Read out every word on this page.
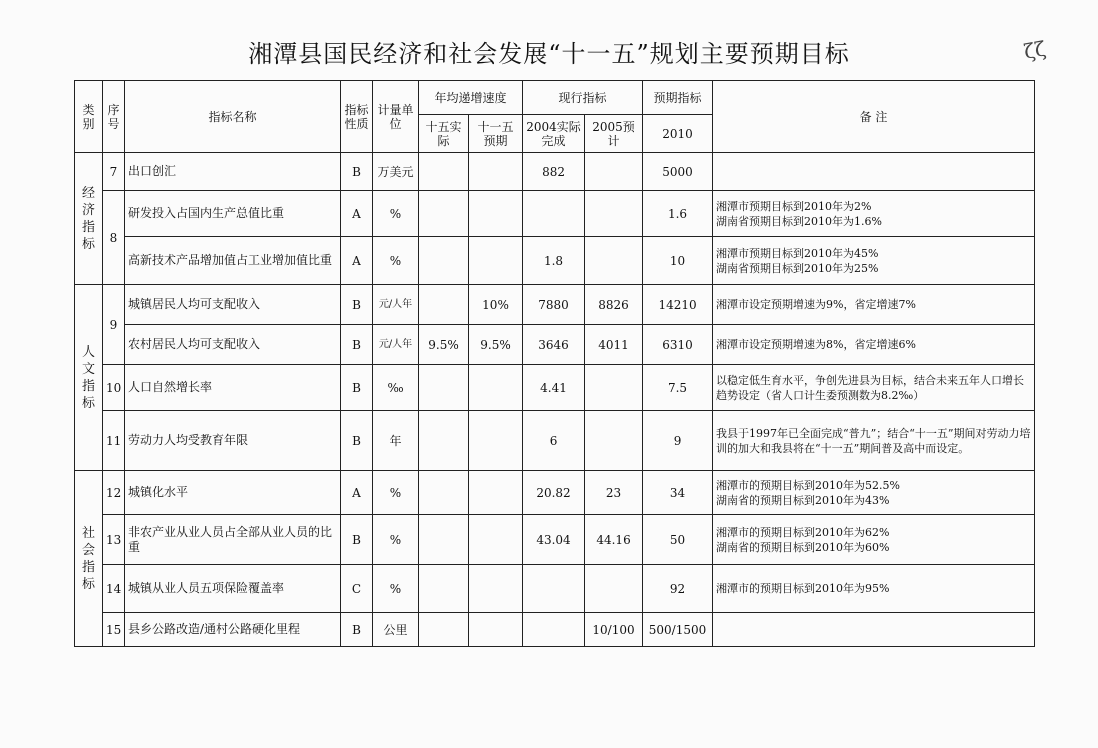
湘潭县国民经济和社会发展“十一五”规划主要预期目标	ζζ
类别	序号	指标名称	指标性质	计量单位	年均递增速度		现行指标		预期指标	备 注
					十五实际	十一五预期	2004实际完成	2005预计	2010	
经济指标	7	出口创汇	B	万美元			882		5000	
	8	研发投入占国内生产总值比重	A	%					1.6	湘潭市预期目标到2010年为2%
湖南省预期目标到2010年为1.6%
		高新技术产品增加值占工业增加值比重	A	%			1.8		10	湘潭市预期目标到2010年为45%
湖南省预期目标到2010年为25%
人文指标	9	城镇居民人均可支配收入	B	元/人年		10%	7880	8826	14210	湘潭市设定预期增速为9%，省定增速7%
		农村居民人均可支配收入	B	元/人年	9.5%	9.5%	3646	4011	6310	湘潭市设定预期增速为8%，省定增速6%
	10	人口自然增长率	B	‰			4.41		7.5	以稳定低生育水平，争创先进县为目标，结合未来五年人口增长趋势设定（省人口计生委预测数为8.2‰）
	11	劳动力人均受教育年限	B	年			6		9	我县于1997年已全面完成“普九”；结合“十一五”期间对劳动力培训的加大和我县将在“十一五”期间普及高中而设定。
社会指标	12	城镇化水平	A	%			20.82	23	34	湘潭市的预期目标到2010年为52.5%
湖南省的预期目标到2010年为43%
	13	非农产业从业人员占全部从业人员的比重	B	%			43.04	44.16	50	湘潭市的预期目标到2010年为62%
湖南省的预期目标到2010年为60%
	14	城镇从业人员五项保险覆盖率	C	%					92	湘潭市的预期目标到2010年为95%
	15	县乡公路改造/通村公路硬化里程	B	公里				10/100	500/1500	
